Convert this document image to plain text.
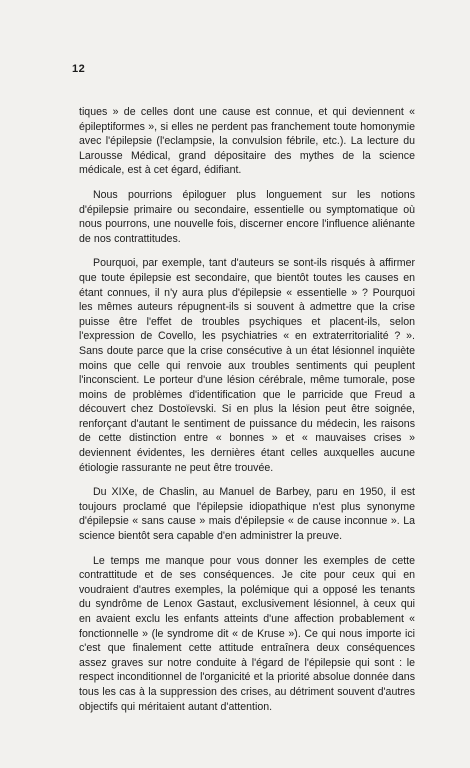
12

tiques » de celles dont une cause est connue, et qui deviennent « épileptiformes », si elles ne perdent pas franchement toute homonymie avec l'épilepsie (l'eclampsie, la convulsion fébrile, etc.). La lecture du Larousse Médical, grand dépositaire des mythes de la science médicale, est à cet égard, édifiant.

Nous pourrions épiloguer plus longuement sur les notions d'épilepsie primaire ou secondaire, essentielle ou symptomatique où nous pourrons, une nouvelle fois, discerner encore l'influence aliénante de nos contrattitudes.

Pourquoi, par exemple, tant d'auteurs se sont-ils risqués à affirmer que toute épilepsie est secondaire, que bientôt toutes les causes en étant connues, il n'y aura plus d'épilepsie « essentielle » ? Pourquoi les mêmes auteurs répugnent-ils si souvent à admettre que la crise puisse être l'effet de troubles psychiques et placent-ils, selon l'expression de Covello, les psychiatries « en extraterritorialité ? ». Sans doute parce que la crise consécutive à un état lésionnel inquiète moins que celle qui renvoie aux troubles sentiments qui peuplent l'inconscient. Le porteur d'une lésion cérébrale, même tumorale, pose moins de problèmes d'identification que le parricide que Freud a découvert chez Dostoïevski. Si en plus la lésion peut être soignée, renforçant d'autant le sentiment de puissance du médecin, les raisons de cette distinction entre « bonnes » et « mauvaises crises » deviennent évidentes, les dernières étant celles auxquelles aucune étiologie rassurante ne peut être trouvée.

Du XIXe, de Chaslin, au Manuel de Barbey, paru en 1950, il est toujours proclamé que l'épilepsie idiopathique n'est plus synonyme d'épilepsie « sans cause » mais d'épilepsie « de cause inconnue ». La science bientôt sera capable d'en administrer la preuve.

Le temps me manque pour vous donner les exemples de cette contrattitude et de ses conséquences. Je cite pour ceux qui en voudraient d'autres exemples, la polémique qui a opposé les tenants du syndrôme de Lenox Gastaut, exclusivement lésionnel, à ceux qui en avaient exclu les enfants atteints d'une affection probablement « fonctionnelle » (le syndrome dit « de Kruse »). Ce qui nous importe ici c'est que finalement cette attitude entraînera deux conséquences assez graves sur notre conduite à l'égard de l'épilepsie qui sont : le respect inconditionnel de l'organicité et la priorité absolue donnée dans tous les cas à la suppression des crises, au détriment souvent d'autres objectifs qui méritaient autant d'attention.
